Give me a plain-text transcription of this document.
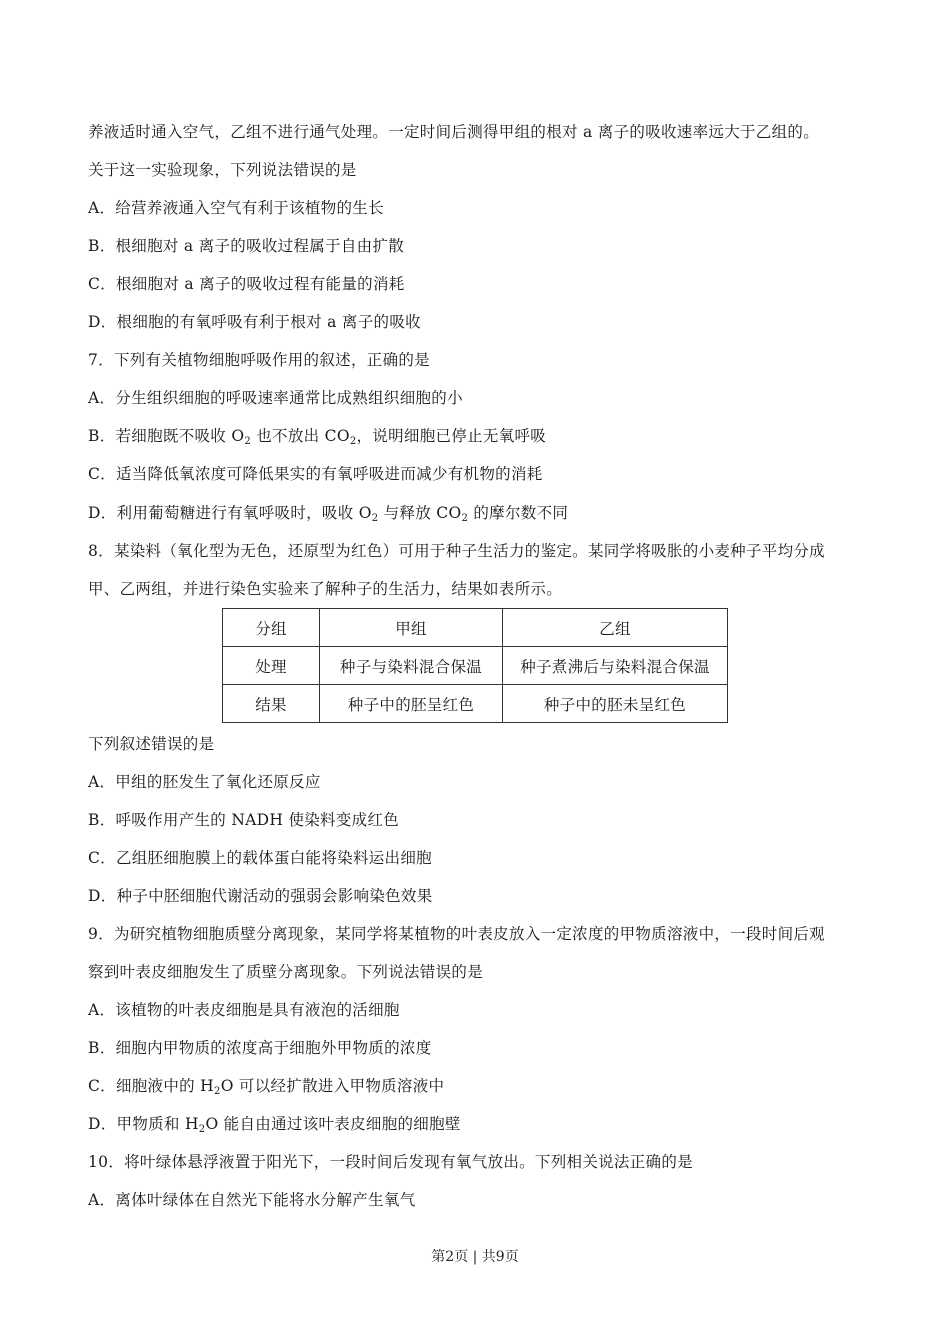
养液适时通入空气，乙组不进行通气处理。一定时间后测得甲组的根对 a 离子的吸收速率远大于乙组的。
关于这一实验现象，下列说法错误的是
A．给营养液通入空气有利于该植物的生长
B．根细胞对 a 离子的吸收过程属于自由扩散
C．根细胞对 a 离子的吸收过程有能量的消耗
D．根细胞的有氧呼吸有利于根对 a 离子的吸收
7．下列有关植物细胞呼吸作用的叙述，正确的是
A．分生组织细胞的呼吸速率通常比成熟组织细胞的小
B．若细胞既不吸收 $O_2$ 也不放出 $CO_2$，说明细胞已停止无氧呼吸
C．适当降低氧浓度可降低果实的有氧呼吸进而减少有机物的消耗
D．利用葡萄糖进行有氧呼吸时，吸收 $O_2$ 与释放 $CO_2$ 的摩尔数不同
8．某染料（氧化型为无色，还原型为红色）可用于种子生活力的鉴定。某同学将吸胀的小麦种子平均分成
甲、乙两组，并进行染色实验来了解种子的生活力，结果如表所示。
分组	甲组	乙组
处理	种子与染料混合保温	种子煮沸后与染料混合保温
结果	种子中的胚呈红色	种子中的胚未呈红色
下列叙述错误的是
A．甲组的胚发生了氧化还原反应
B．呼吸作用产生的 NADH 使染料变成红色
C．乙组胚细胞膜上的载体蛋白能将染料运出细胞
D．种子中胚细胞代谢活动的强弱会影响染色效果
9．为研究植物细胞质壁分离现象，某同学将某植物的叶表皮放入一定浓度的甲物质溶液中，一段时间后观
察到叶表皮细胞发生了质壁分离现象。下列说法错误的是
A．该植物的叶表皮细胞是具有液泡的活细胞
B．细胞内甲物质的浓度高于细胞外甲物质的浓度
C．细胞液中的 $H_2O$ 可以经扩散进入甲物质溶液中
D．甲物质和 $H_2O$ 能自由通过该叶表皮细胞的细胞壁
10．将叶绿体悬浮液置于阳光下，一段时间后发现有氧气放出。下列相关说法正确的是
A．离体叶绿体在自然光下能将水分解产生氧气
第2页 | 共9页
